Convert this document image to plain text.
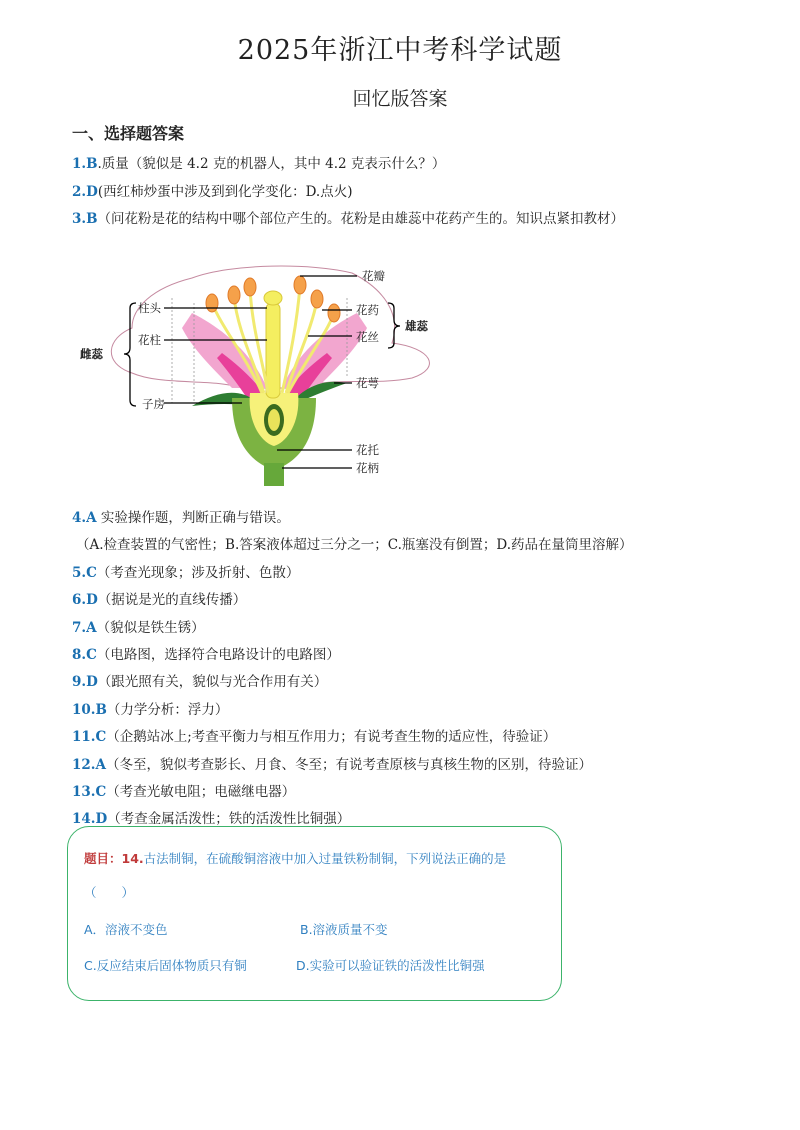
2025年浙江中考科学试题
回忆版答案
一、选择题答案
1.B.质量（貌似是 4.2 克的机器人，其中 4.2 克表示什么？）
2.D(西红柿炒蛋中涉及到到化学变化：D.点火)
3.B（问花粉是花的结构中哪个部位产生的。花粉是由雄蕊中花药产生的。知识点紧扣教材）
花瓣
花药
花丝
雄蕊
花萼
花托
花柄
柱头
花柱
雌蕊
子房
4.A 实验操作题，判断正确与错误。
（A.检查装置的气密性；B.答案液体超过三分之一；C.瓶塞没有倒置；D.药品在量筒里溶解）
5.C（考查光现象；涉及折射、色散）
6.D（据说是光的直线传播）
7.A（貌似是铁生锈）
8.C（电路图，选择符合电路设计的电路图）
9.D（跟光照有关，貌似与光合作用有关）
10.B（力学分析：浮力）
11.C（企鹅站冰上;考查平衡力与相互作用力；有说考查生物的适应性，待验证）
12.A（冬至，貌似考查影长、月食、冬至；有说考查原核与真核生物的区别，待验证）
13.C（考查光敏电阻；电磁继电器）
14.D（考查金属活泼性；铁的活泼性比铜强）
题目：14.古法制铜，在硫酸铜溶液中加入过量铁粉制铜，下列说法正确的是
（　　）
A．溶液不变色	B.溶液质量不变
C.反应结束后固体物质只有铜	D.实验可以验证铁的活泼性比铜强
